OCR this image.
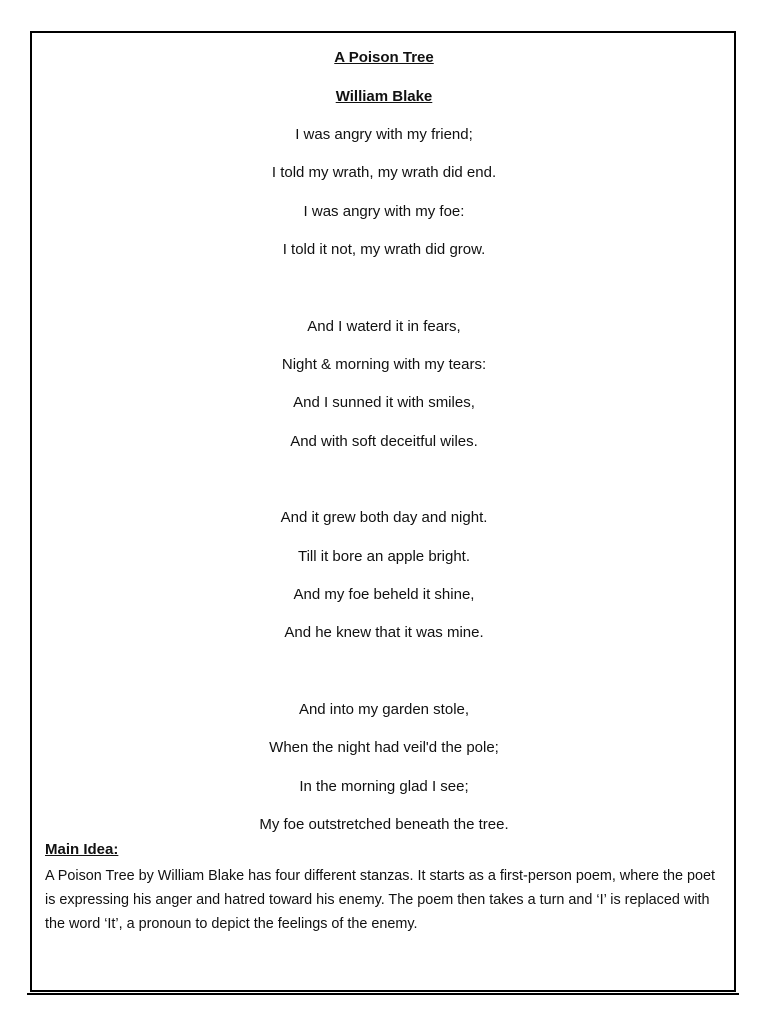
A Poison Tree
William Blake
I was angry with my friend;
I told my wrath, my wrath did end.
I was angry with my foe:
I told it not, my wrath did grow.
And I waterd it in fears,
Night & morning with my tears:
And I sunned it with smiles,
And with soft deceitful wiles.
And it grew both day and night.
Till it bore an apple bright.
And my foe beheld it shine,
And he knew that it was mine.
And into my garden stole,
When the night had veil'd the pole;
In the morning glad I see;
My foe outstretched beneath the tree.
Main Idea:

A Poison Tree by William Blake has four different stanzas. It starts as a first-person poem, where the poet is expressing his anger and hatred toward his enemy. The poem then takes a turn and ‘I’ is replaced with the word ‘It’, a pronoun to depict the feelings of the enemy.
